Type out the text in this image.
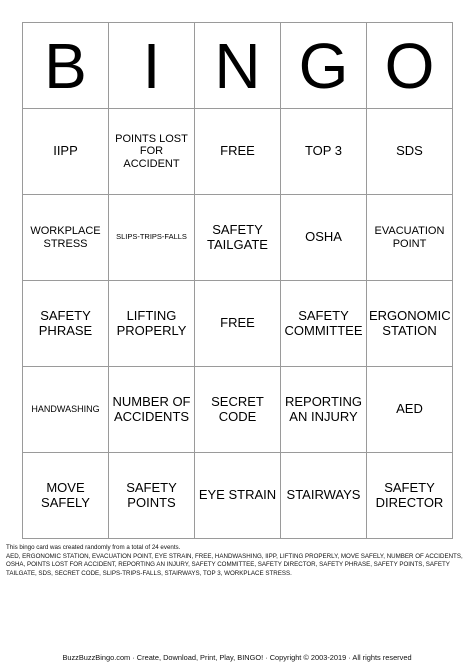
B	I	N	G	O
IIPP	POINTS LOST FOR ACCIDENT	FREE	TOP 3	SDS
WORKPLACE STRESS	SLIPS-TRIPS-FALLS	SAFETY TAILGATE	OSHA	EVACUATION POINT
SAFETY PHRASE	LIFTING PROPERLY	FREE	SAFETY COMMITTEE	ERGONOMIC STATION
HANDWASHING	NUMBER OF ACCIDENTS	SECRET CODE	REPORTING AN INJURY	AED
MOVE SAFELY	SAFETY POINTS	EYE STRAIN	STAIRWAYS	SAFETY DIRECTOR
This bingo card was created randomly from a total of 24 events.
AED, ERGONOMIC STATION, EVACUATION POINT, EYE STRAIN, FREE, HANDWASHING, IIPP, LIFTING PROPERLY, MOVE SAFELY, NUMBER OF ACCIDENTS, OSHA, POINTS LOST FOR ACCIDENT, REPORTING AN INJURY, SAFETY COMMITTEE, SAFETY DIRECTOR, SAFETY PHRASE, SAFETY POINTS, SAFETY TAILGATE, SDS, SECRET CODE, SLIPS-TRIPS-FALLS, STAIRWAYS, TOP 3, WORKPLACE STRESS.
BuzzBuzzBingo.com · Create, Download, Print, Play, BINGO! · Copyright © 2003-2019 · All rights reserved
